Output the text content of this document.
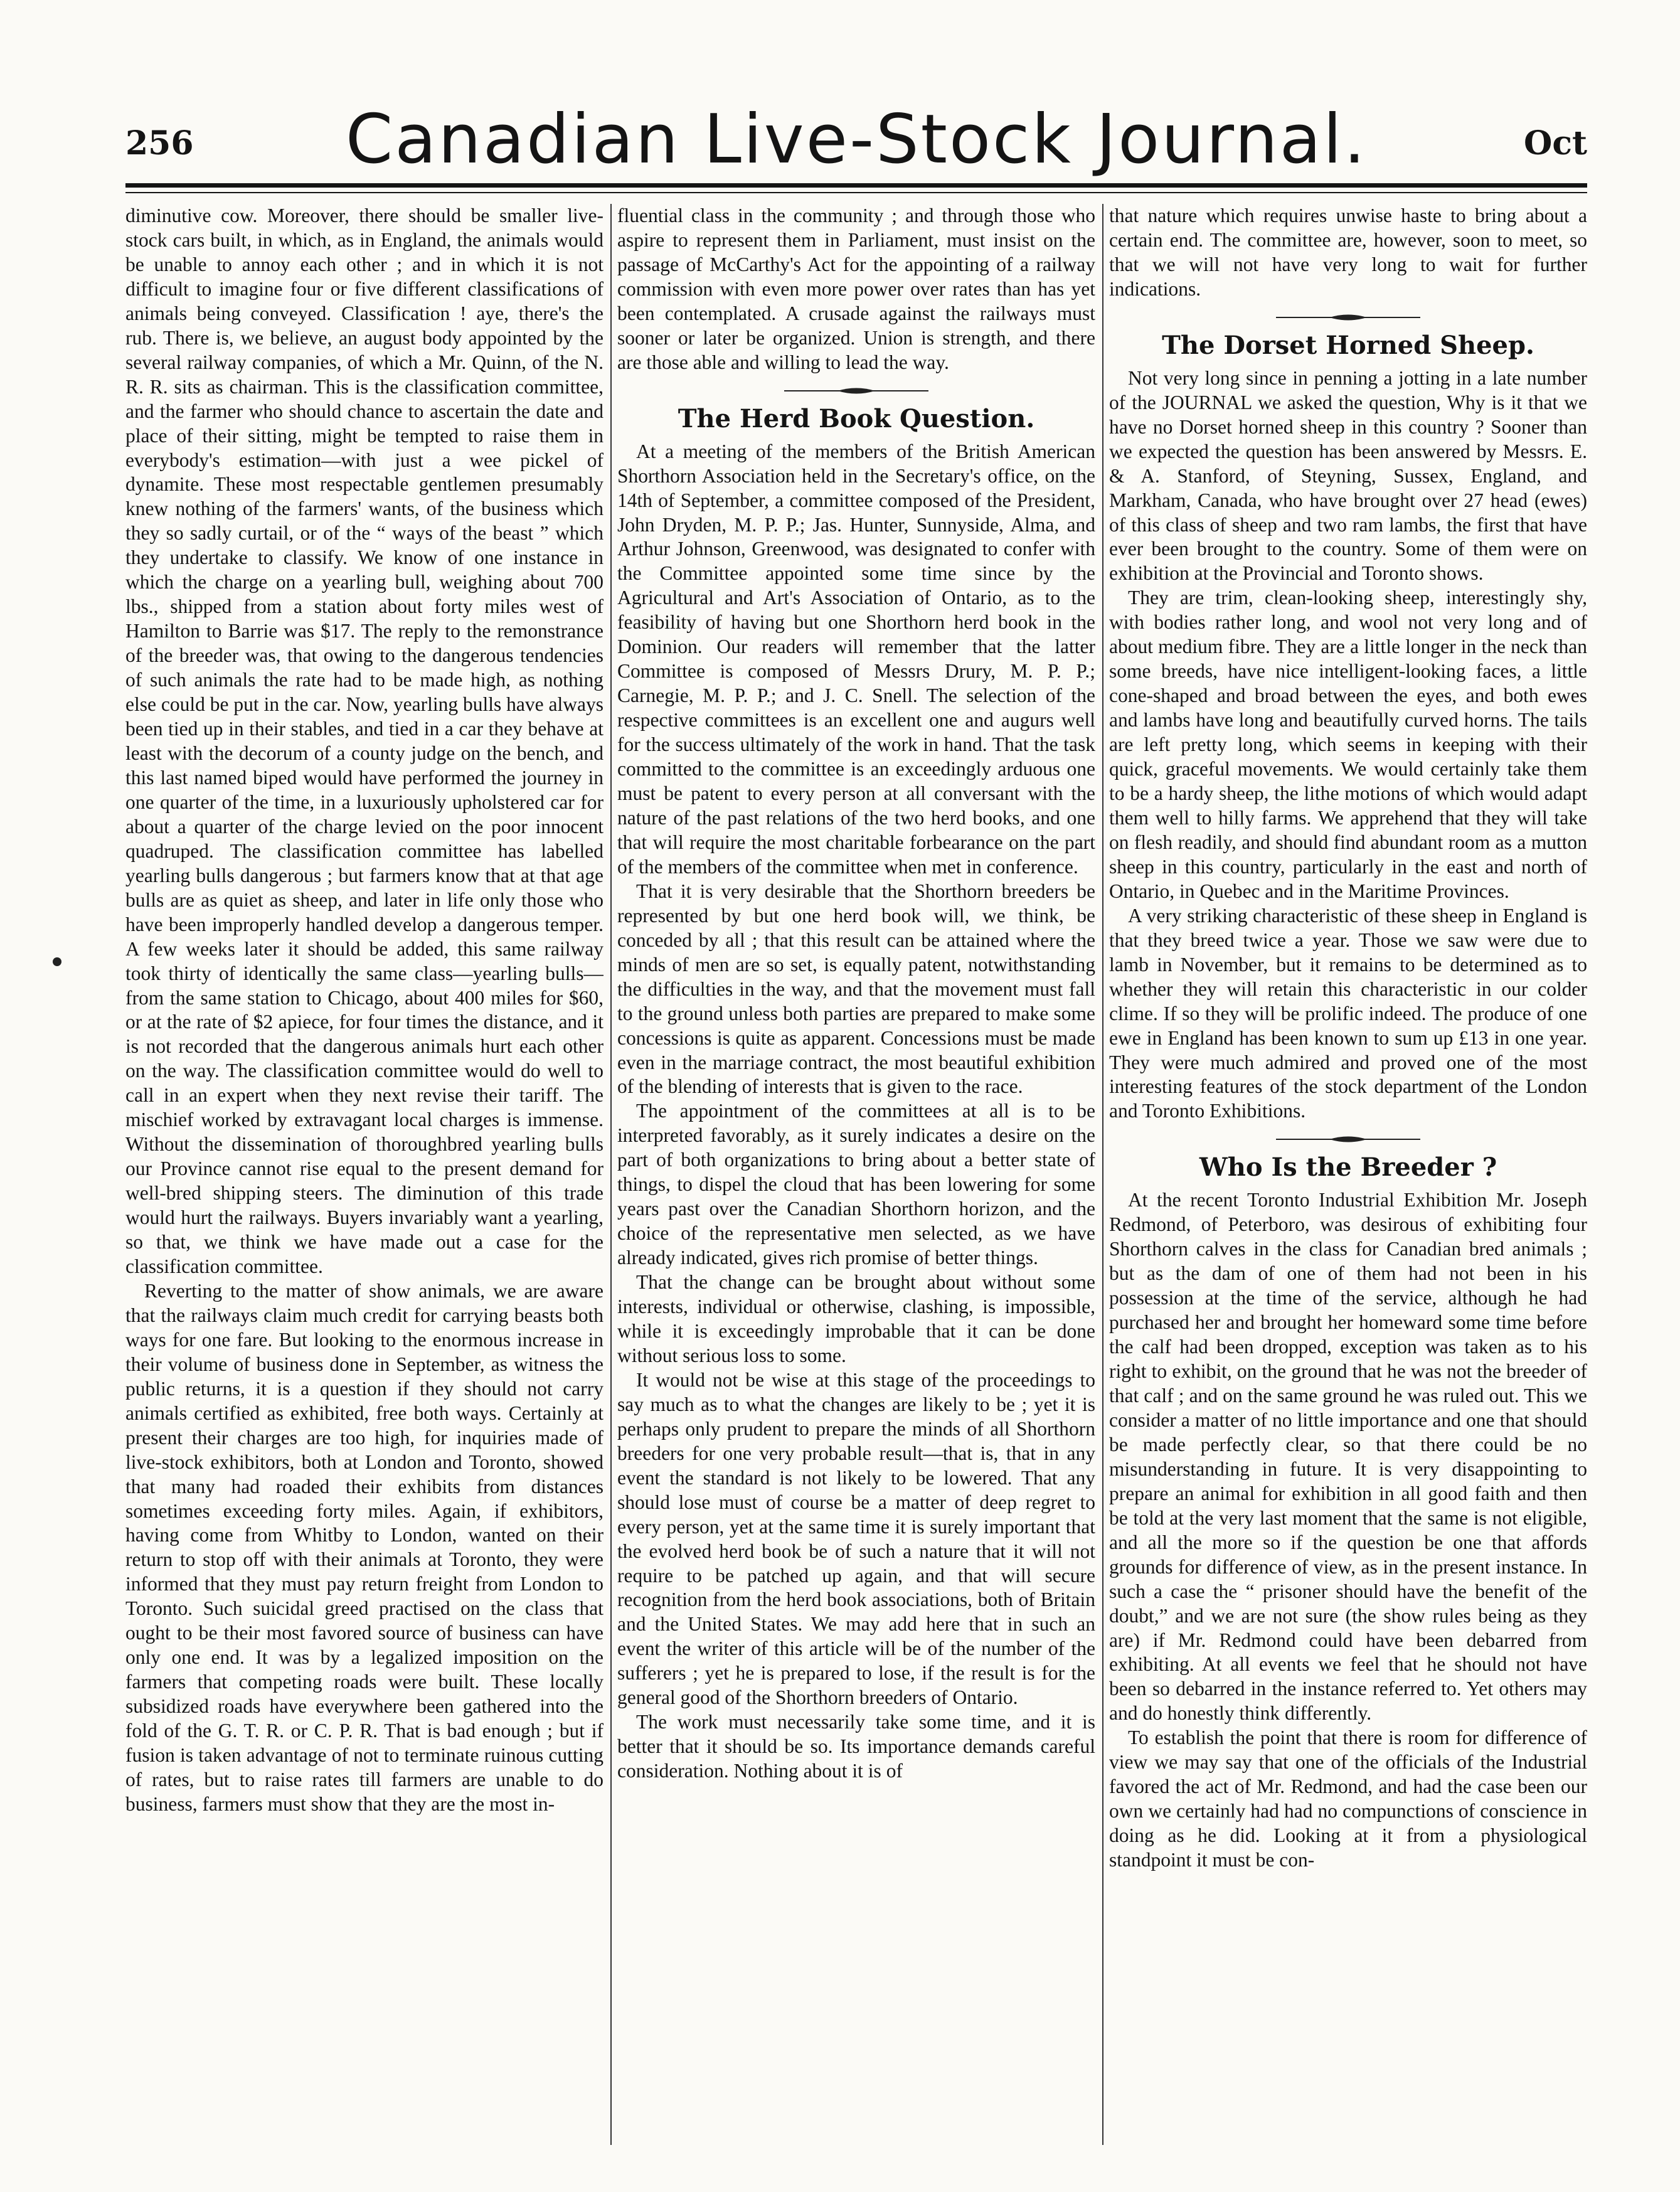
256	Canadian Live-Stock Journal.	Oct

diminutive cow. Moreover, there should be smaller live-stock cars built, in which, as in England, the animals would be unable to annoy each other ; and in which it is not difficult to imagine four or five different classifications of animals being conveyed. Classification ! aye, there's the rub. There is, we believe, an august body appointed by the several railway companies, of which a Mr. Quinn, of the N. R. R. sits as chairman. This is the classification committee, and the farmer who should chance to ascertain the date and place of their sitting, might be tempted to raise them in everybody's estimation—with just a wee pickel of dynamite. These most respectable gentlemen presumably knew nothing of the farmers' wants, of the business which they so sadly curtail, or of the “ ways of the beast ” which they undertake to classify. We know of one instance in which the charge on a yearling bull, weighing about 700 lbs., shipped from a station about forty miles west of Hamilton to Barrie was $17. The reply to the remonstrance of the breeder was, that owing to the dangerous tendencies of such animals the rate had to be made high, as nothing else could be put in the car. Now, yearling bulls have always been tied up in their stables, and tied in a car they behave at least with the decorum of a county judge on the bench, and this last named biped would have performed the journey in one quarter of the time, in a luxuriously upholstered car for about a quarter of the charge levied on the poor innocent quadruped. The classification committee has labelled yearling bulls dangerous ; but farmers know that at that age bulls are as quiet as sheep, and later in life only those who have been improperly handled develop a dangerous temper. A few weeks later it should be added, this same railway took thirty of identically the same class—yearling bulls—from the same station to Chicago, about 400 miles for $60, or at the rate of $2 apiece, for four times the distance, and it is not recorded that the dangerous animals hurt each other on the way. The classification committee would do well to call in an expert when they next revise their tariff. The mischief worked by extravagant local charges is immense. Without the dissemination of thoroughbred yearling bulls our Province cannot rise equal to the present demand for well-bred shipping steers. The diminution of this trade would hurt the railways. Buyers invariably want a yearling, so that, we think we have made out a case for the classification committee.

Reverting to the matter of show animals, we are aware that the railways claim much credit for carrying beasts both ways for one fare. But looking to the enormous increase in their volume of business done in September, as witness the public returns, it is a question if they should not carry animals certified as exhibited, free both ways. Certainly at present their charges are too high, for inquiries made of live-stock exhibitors, both at London and Toronto, showed that many had roaded their exhibits from distances sometimes exceeding forty miles. Again, if exhibitors, having come from Whitby to London, wanted on their return to stop off with their animals at Toronto, they were informed that they must pay return freight from London to Toronto. Such suicidal greed practised on the class that ought to be their most favored source of business can have only one end. It was by a legalized imposition on the farmers that competing roads were built. These locally subsidized roads have everywhere been gathered into the fold of the G. T. R. or C. P. R. That is bad enough ; but if fusion is taken advantage of not to terminate ruinous cutting of rates, but to raise rates till farmers are unable to do business, farmers must show that they are the most in-

fluential class in the community ; and through those who aspire to represent them in Parliament, must insist on the passage of McCarthy's Act for the appointing of a railway commission with even more power over rates than has yet been contemplated. A crusade against the railways must sooner or later be organized. Union is strength, and there are those able and willing to lead the way.

The Herd Book Question.

At a meeting of the members of the British American Shorthorn Association held in the Secretary's office, on the 14th of September, a committee composed of the President, John Dryden, M. P. P.; Jas. Hunter, Sunnyside, Alma, and Arthur Johnson, Greenwood, was designated to confer with the Committee appointed some time since by the Agricultural and Art's Association of Ontario, as to the feasibility of having but one Shorthorn herd book in the Dominion. Our readers will remember that the latter Committee is composed of Messrs Drury, M. P. P.; Carnegie, M. P. P.; and J. C. Snell. The selection of the respective committees is an excellent one and augurs well for the success ultimately of the work in hand. That the task committed to the committee is an exceedingly arduous one must be patent to every person at all conversant with the nature of the past relations of the two herd books, and one that will require the most charitable forbearance on the part of the members of the committee when met in conference.

That it is very desirable that the Shorthorn breeders be represented by but one herd book will, we think, be conceded by all ; that this result can be attained where the minds of men are so set, is equally patent, notwithstanding the difficulties in the way, and that the movement must fall to the ground unless both parties are prepared to make some concessions is quite as apparent. Concessions must be made even in the marriage contract, the most beautiful exhibition of the blending of interests that is given to the race.

The appointment of the committees at all is to be interpreted favorably, as it surely indicates a desire on the part of both organizations to bring about a better state of things, to dispel the cloud that has been lowering for some years past over the Canadian Shorthorn horizon, and the choice of the representative men selected, as we have already indicated, gives rich promise of better things.

That the change can be brought about without some interests, individual or otherwise, clashing, is impossible, while it is exceedingly improbable that it can be done without serious loss to some.

It would not be wise at this stage of the proceedings to say much as to what the changes are likely to be ; yet it is perhaps only prudent to prepare the minds of all Shorthorn breeders for one very probable result—that is, that in any event the standard is not likely to be lowered. That any should lose must of course be a matter of deep regret to every person, yet at the same time it is surely important that the evolved herd book be of such a nature that it will not require to be patched up again, and that will secure recognition from the herd book associations, both of Britain and the United States. We may add here that in such an event the writer of this article will be of the number of the sufferers ; yet he is prepared to lose, if the result is for the general good of the Shorthorn breeders of Ontario.

The work must necessarily take some time, and it is better that it should be so. Its importance demands careful consideration. Nothing about it is of

that nature which requires unwise haste to bring about a certain end. The committee are, however, soon to meet, so that we will not have very long to wait for further indications.

The Dorset Horned Sheep.

Not very long since in penning a jotting in a late number of the JOURNAL we asked the question, Why is it that we have no Dorset horned sheep in this country ? Sooner than we expected the question has been answered by Messrs. E. & A. Stanford, of Steyning, Sussex, England, and Markham, Canada, who have brought over 27 head (ewes) of this class of sheep and two ram lambs, the first that have ever been brought to the country. Some of them were on exhibition at the Provincial and Toronto shows.

They are trim, clean-looking sheep, interestingly shy, with bodies rather long, and wool not very long and of about medium fibre. They are a little longer in the neck than some breeds, have nice intelligent-looking faces, a little cone-shaped and broad between the eyes, and both ewes and lambs have long and beautifully curved horns. The tails are left pretty long, which seems in keeping with their quick, graceful movements. We would certainly take them to be a hardy sheep, the lithe motions of which would adapt them well to hilly farms. We apprehend that they will take on flesh readily, and should find abundant room as a mutton sheep in this country, particularly in the east and north of Ontario, in Quebec and in the Maritime Provinces.

A very striking characteristic of these sheep in England is that they breed twice a year. Those we saw were due to lamb in November, but it remains to be determined as to whether they will retain this characteristic in our colder clime. If so they will be prolific indeed. The produce of one ewe in England has been known to sum up £13 in one year. They were much admired and proved one of the most interesting features of the stock department of the London and Toronto Exhibitions.

Who Is the Breeder ?

At the recent Toronto Industrial Exhibition Mr. Joseph Redmond, of Peterboro, was desirous of exhibiting four Shorthorn calves in the class for Canadian bred animals ; but as the dam of one of them had not been in his possession at the time of the service, although he had purchased her and brought her homeward some time before the calf had been dropped, exception was taken as to his right to exhibit, on the ground that he was not the breeder of that calf ; and on the same ground he was ruled out. This we consider a matter of no little importance and one that should be made perfectly clear, so that there could be no misunderstanding in future. It is very disappointing to prepare an animal for exhibition in all good faith and then be told at the very last moment that the same is not eligible, and all the more so if the question be one that affords grounds for difference of view, as in the present instance. In such a case the “ prisoner should have the benefit of the doubt,” and we are not sure (the show rules being as they are) if Mr. Redmond could have been debarred from exhibiting. At all events we feel that he should not have been so debarred in the instance referred to. Yet others may and do honestly think differently.

To establish the point that there is room for difference of view we may say that one of the officials of the Industrial favored the act of Mr. Redmond, and had the case been our own we certainly had had no compunctions of conscience in doing as he did. Looking at it from a physiological standpoint it must be con-
